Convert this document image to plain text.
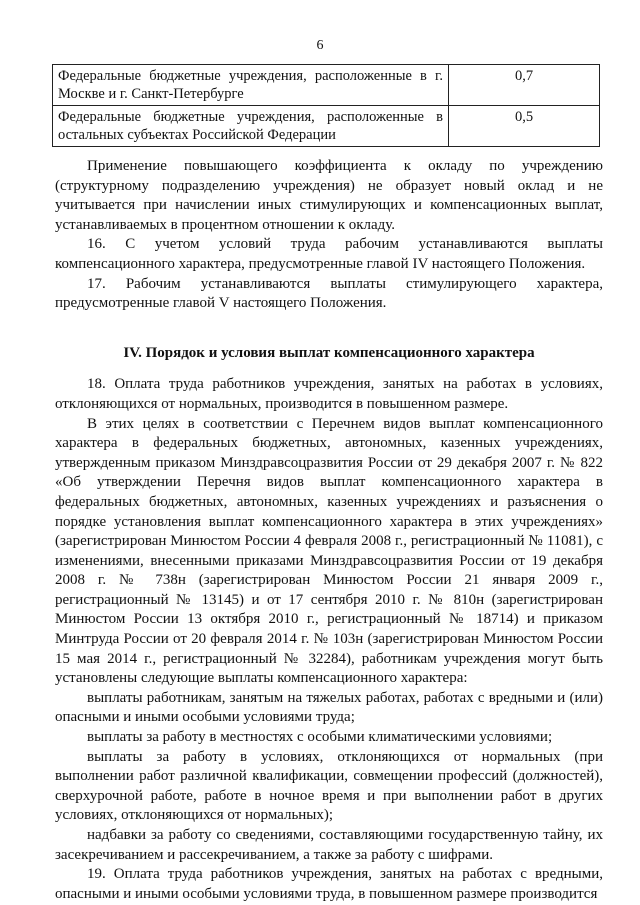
6
Федеральные бюджетные учреждения, расположенные в г. Москве и г. Санкт-Петербурге	0,7
Федеральные бюджетные учреждения, расположенные в остальных субъектах Российской Федерации	0,5

Применение повышающего коэффициента к окладу по учреждению (структурному подразделению учреждения) не образует новый оклад и не учитывается при начислении иных стимулирующих и компенсационных выплат, устанавливаемых в процентном отношении к окладу.

16. С учетом условий труда рабочим устанавливаются выплаты компенсационного характера, предусмотренные главой IV настоящего Положения.

17. Рабочим устанавливаются выплаты стимулирующего характера, предусмотренные главой V настоящего Положения.

IV. Порядок и условия выплат компенсационного характера

18. Оплата труда работников учреждения, занятых на работах в условиях, отклоняющихся от нормальных, производится в повышенном размере.

В этих целях в соответствии с Перечнем видов выплат компенсационного характера в федеральных бюджетных, автономных, казенных учреждениях, утвержденным приказом Минздравсоцразвития России от 29 декабря 2007 г. № 822 «Об утверждении Перечня видов выплат компенсационного характера в федеральных бюджетных, автономных, казенных учреждениях и разъяснения о порядке установления выплат компенсационного характера в этих учреждениях» (зарегистрирован Минюстом России 4 февраля 2008 г., регистрационный № 11081), с изменениями, внесенными приказами Минздравсоцразвития России от 19 декабря 2008 г. № 738н (зарегистрирован Минюстом России 21 января 2009 г., регистрационный № 13145) и от 17 сентября 2010 г. № 810н (зарегистрирован Минюстом России 13 октября 2010 г., регистрационный № 18714) и приказом Минтруда России от 20 февраля 2014 г. № 103н (зарегистрирован Минюстом России 15 мая 2014 г., регистрационный № 32284), работникам учреждения могут быть установлены следующие выплаты компенсационного характера:

выплаты работникам, занятым на тяжелых работах, работах с вредными и (или) опасными и иными особыми условиями труда;

выплаты за работу в местностях с особыми климатическими условиями;

выплаты за работу в условиях, отклоняющихся от нормальных (при выполнении работ различной квалификации, совмещении профессий (должностей), сверхурочной работе, работе в ночное время и при выполнении работ в других условиях, отклоняющихся от нормальных);

надбавки за работу со сведениями, составляющими государственную тайну, их засекречиванием и рассекречиванием, а также за работу с шифрами.

19. Оплата труда работников учреждения, занятых на работах с вредными, опасными и иными особыми условиями труда, в повышенном размере производится
